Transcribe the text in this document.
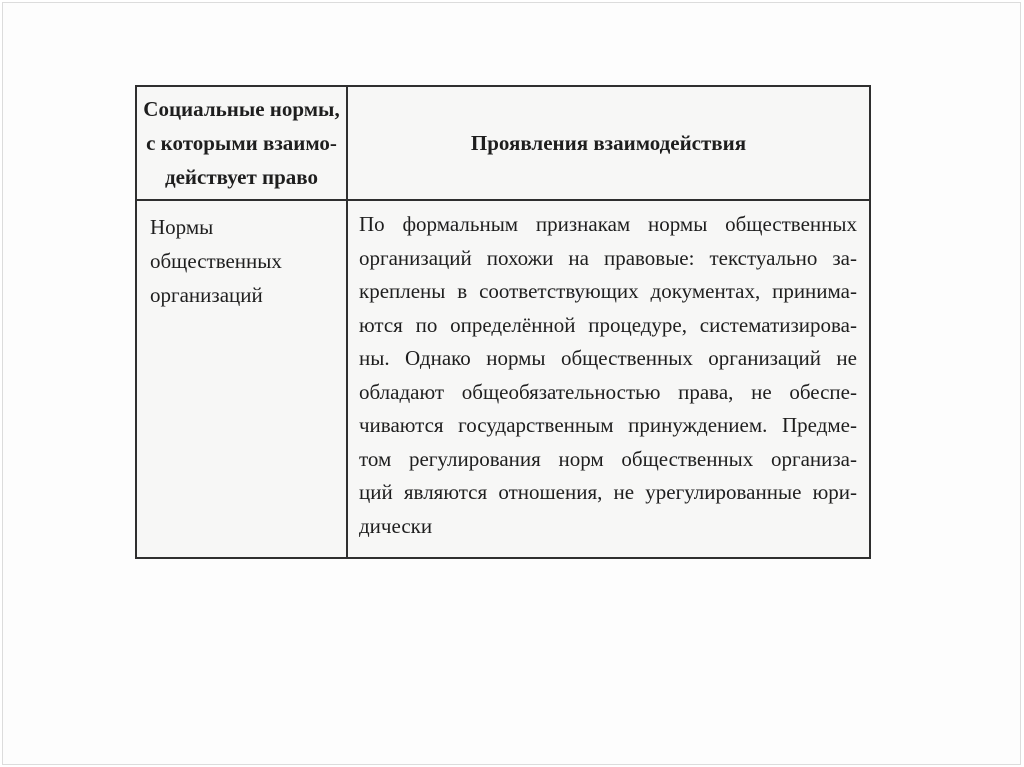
Социальные нормы,
с которыми взаимо-
действует право
Проявления взаимодействия
Нормы
общественных
организаций
По формальным признакам нормы общественных
организаций похожи на правовые: текстуально за-
креплены в соответствующих документах, принима-
ются по определённой процедуре, систематизирова-
ны. Однако нормы общественных организаций не
обладают общеобязательностью права, не обеспе-
чиваются государственным принуждением. Предме-
том регулирования норм общественных организа-
ций являются отношения, не урегулированные юри-
дически
